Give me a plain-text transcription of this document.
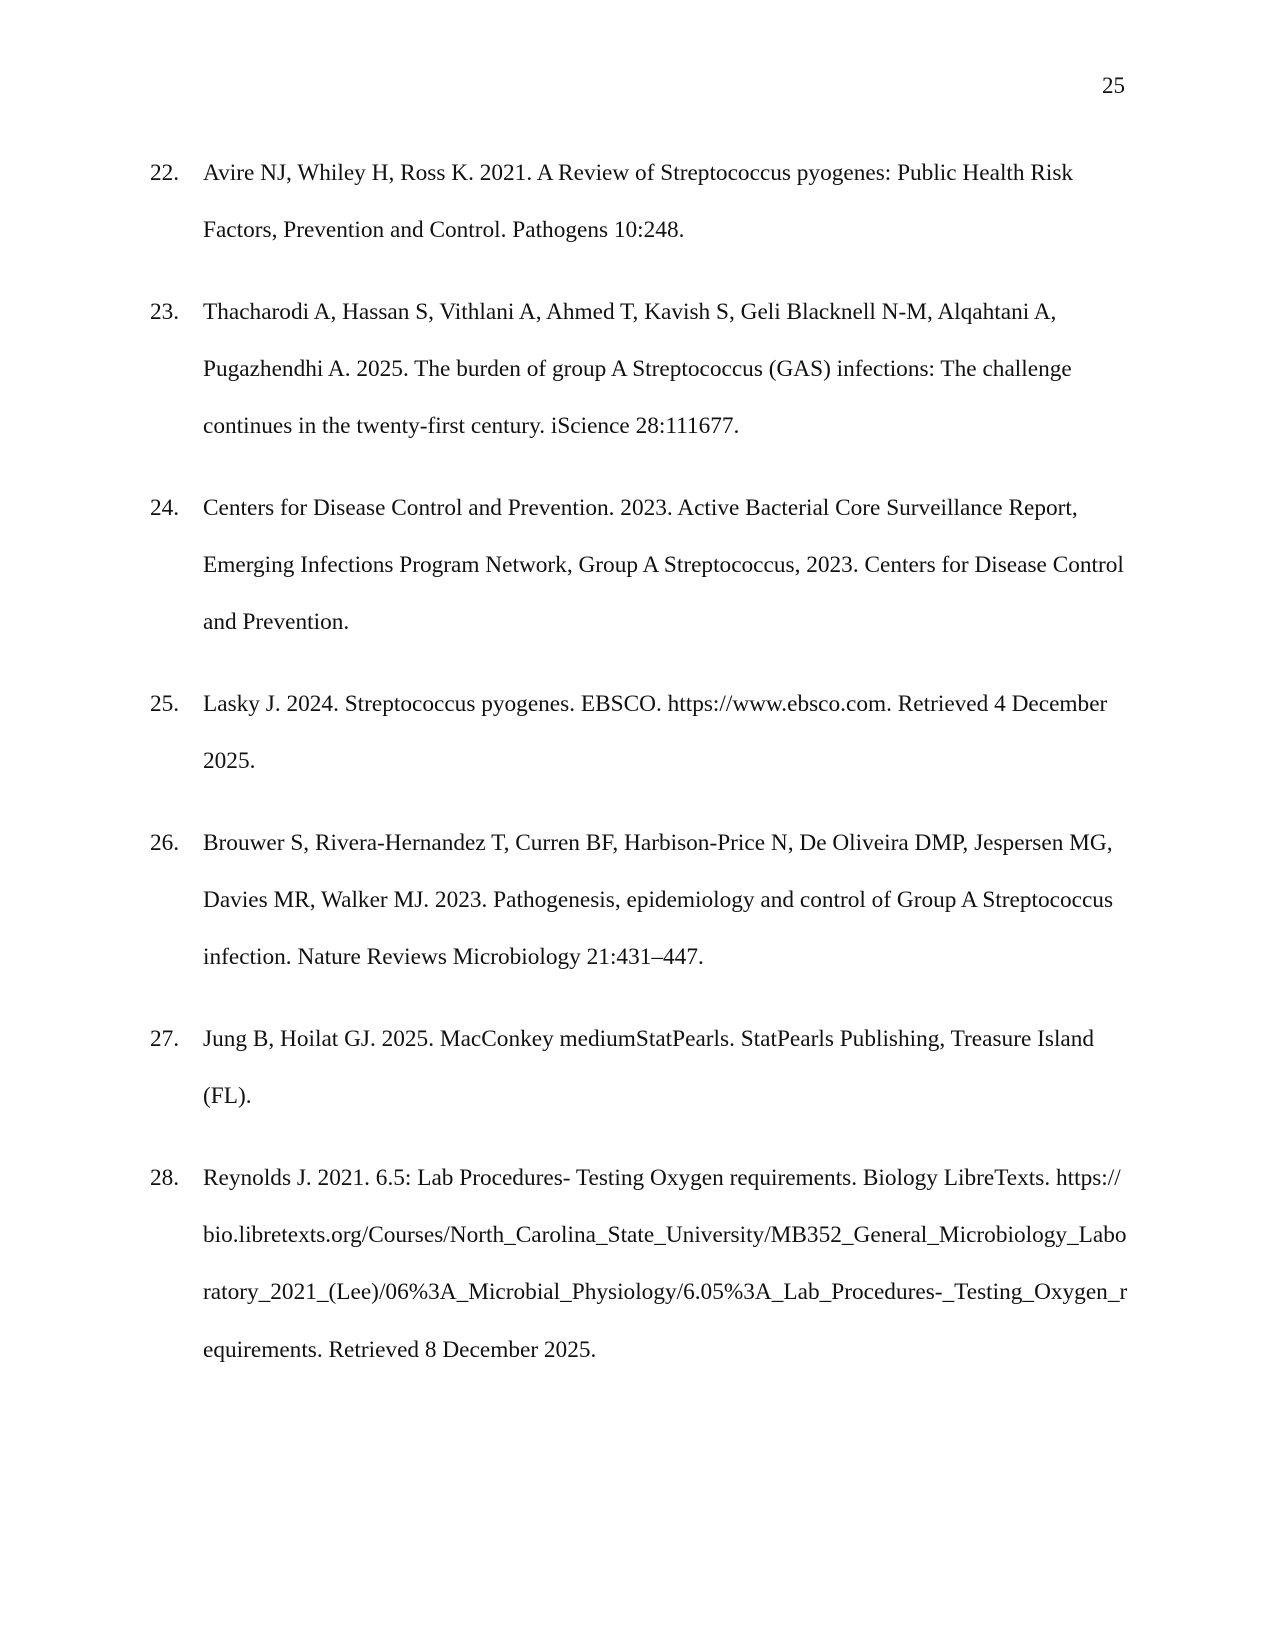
25
22. Avire NJ, Whiley H, Ross K. 2021. A Review of Streptococcus pyogenes: Public Health Risk Factors, Prevention and Control. Pathogens 10:248.
23. Thacharodi A, Hassan S, Vithlani A, Ahmed T, Kavish S, Geli Blacknell N-M, Alqahtani A, Pugazhendhi A. 2025. The burden of group A Streptococcus (GAS) infections: The challenge continues in the twenty-first century. iScience 28:111677.
24. Centers for Disease Control and Prevention. 2023. Active Bacterial Core Surveillance Report, Emerging Infections Program Network, Group A Streptococcus, 2023. Centers for Disease Control and Prevention.
25. Lasky J. 2024. Streptococcus pyogenes. EBSCO. https://www.ebsco.com. Retrieved 4 December 2025.
26. Brouwer S, Rivera-Hernandez T, Curren BF, Harbison-Price N, De Oliveira DMP, Jespersen MG, Davies MR, Walker MJ. 2023. Pathogenesis, epidemiology and control of Group A Streptococcus infection. Nature Reviews Microbiology 21:431–447.
27. Jung B, Hoilat GJ. 2025. MacConkey mediumStatPearls. StatPearls Publishing, Treasure Island (FL).
28. Reynolds J. 2021. 6.5: Lab Procedures- Testing Oxygen requirements. Biology LibreTexts. https://bio.libretexts.org/Courses/North_Carolina_State_University/MB352_General_Microbiology_Laboratory_2021_(Lee)/06%3A_Microbial_Physiology/6.05%3A_Lab_Procedures-_Testing_Oxygen_requirements. Retrieved 8 December 2025.
